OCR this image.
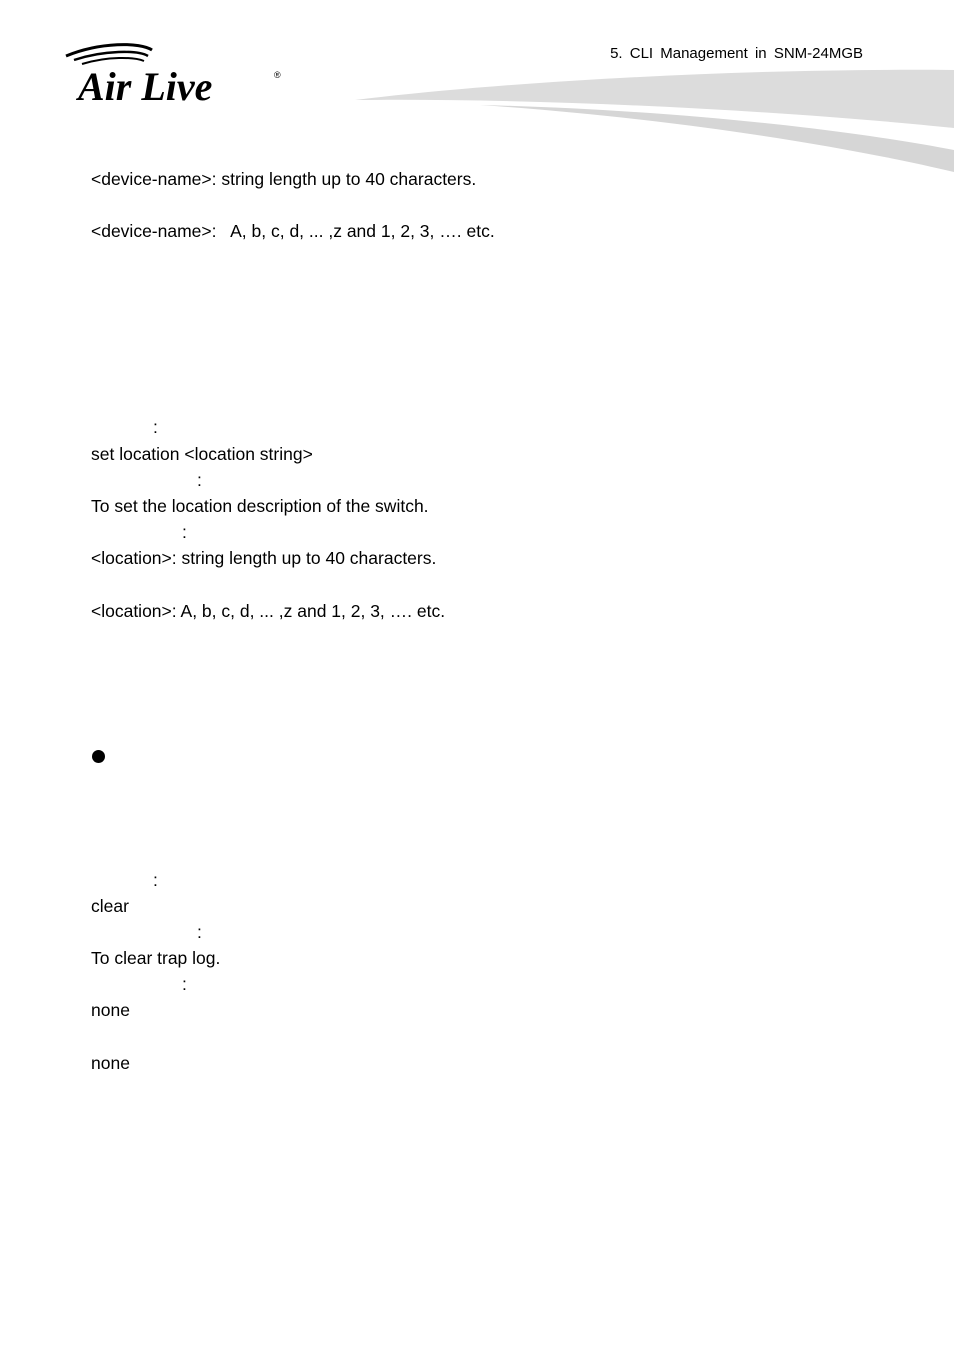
Air Live	®
5. CLI Management in SNM-24MGB
<device-name>: string length up to 40 characters.
<device-name>:   A, b, c, d, ... ,z and 1, 2, 3, …. etc.
:
set location <location string>
:
To set the location description of the switch.
:
<location>: string length up to 40 characters.
<location>: A, b, c, d, ... ,z and 1, 2, 3, …. etc.
:
clear
:
To clear trap log.
:
none
none
